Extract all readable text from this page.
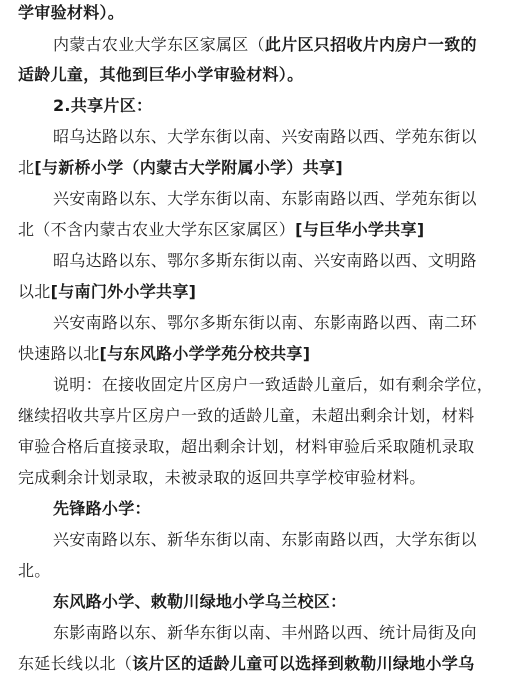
学审验材料）。
内蒙古农业大学东区家属区（此片区只招收片内房户一致的
适龄儿童，其他到巨华小学审验材料）。
2.共享片区：
昭乌达路以东、大学东街以南、兴安南路以西、学苑东街以
北[与新桥小学（内蒙古大学附属小学）共享]
兴安南路以东、大学东街以南、东影南路以西、学苑东街以
北（不含内蒙古农业大学东区家属区）[与巨华小学共享]
昭乌达路以东、鄂尔多斯东街以南、兴安南路以西、文明路
以北[与南门外小学共享]
兴安南路以东、鄂尔多斯东街以南、东影南路以西、南二环
快速路以北[与东风路小学学苑分校共享]
说明：在接收固定片区房户一致适龄儿童后，如有剩余学位，
继续招收共享片区房户一致的适龄儿童，未超出剩余计划，材料
审验合格后直接录取，超出剩余计划，材料审验后采取随机录取
完成剩余计划录取，未被录取的返回共享学校审验材料。
先锋路小学：
兴安南路以东、新华东街以南、东影南路以西，大学东街以
北。
东风路小学、敕勒川绿地小学乌兰校区：
东影南路以东、新华东街以南、丰州路以西、统计局街及向
东延长线以北（该片区的适龄儿童可以选择到敕勒川绿地小学乌
